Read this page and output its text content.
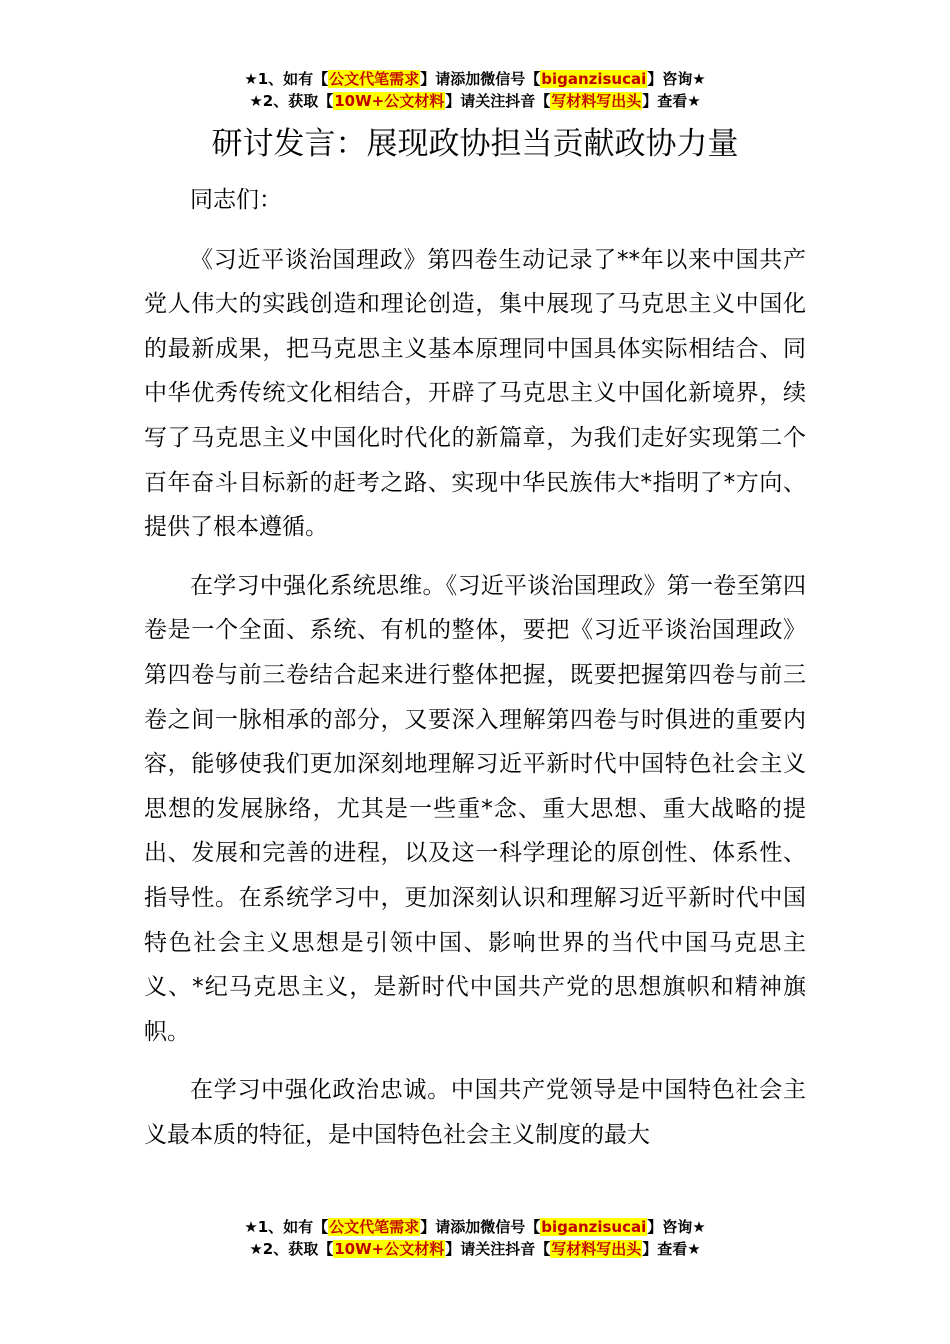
★1、如有【公文代笔需求】请添加微信号【biganzisucai】咨询★
★2、获取【10W+公文材料】请关注抖音【写材料写出头】查看★
研讨发言：展现政协担当贡献政协力量

同志们：

《习近平谈治国理政》第四卷生动记录了**年以来中国共产党人伟大的实践创造和理论创造，集中展现了马克思主义中国化的最新成果，把马克思主义基本原理同中国具体实际相结合、同中华优秀传统文化相结合，开辟了马克思主义中国化新境界，续写了马克思主义中国化时代化的新篇章，为我们走好实现第二个百年奋斗目标新的赶考之路、实现中华民族伟大*指明了*方向、提供了根本遵循。

在学习中强化系统思维。《习近平谈治国理政》第一卷至第四卷是一个全面、系统、有机的整体，要把《习近平谈治国理政》第四卷与前三卷结合起来进行整体把握，既要把握第四卷与前三卷之间一脉相承的部分，又要深入理解第四卷与时俱进的重要内容，能够使我们更加深刻地理解习近平新时代中国特色社会主义思想的发展脉络，尤其是一些重*念、重大思想、重大战略的提出、发展和完善的进程，以及这一科学理论的原创性、体系性、指导性。在系统学习中，更加深刻认识和理解习近平新时代中国特色社会主义思想是引领中国、影响世界的当代中国马克思主义、*纪马克思主义，是新时代中国共产党的思想旗帜和精神旗帜。

在学习中强化政治忠诚。中国共产党领导是中国特色社会主义最本质的特征，是中国特色社会主义制度的最大

★1、如有【公文代笔需求】请添加微信号【biganzisucai】咨询★
★2、获取【10W+公文材料】请关注抖音【写材料写出头】查看★
